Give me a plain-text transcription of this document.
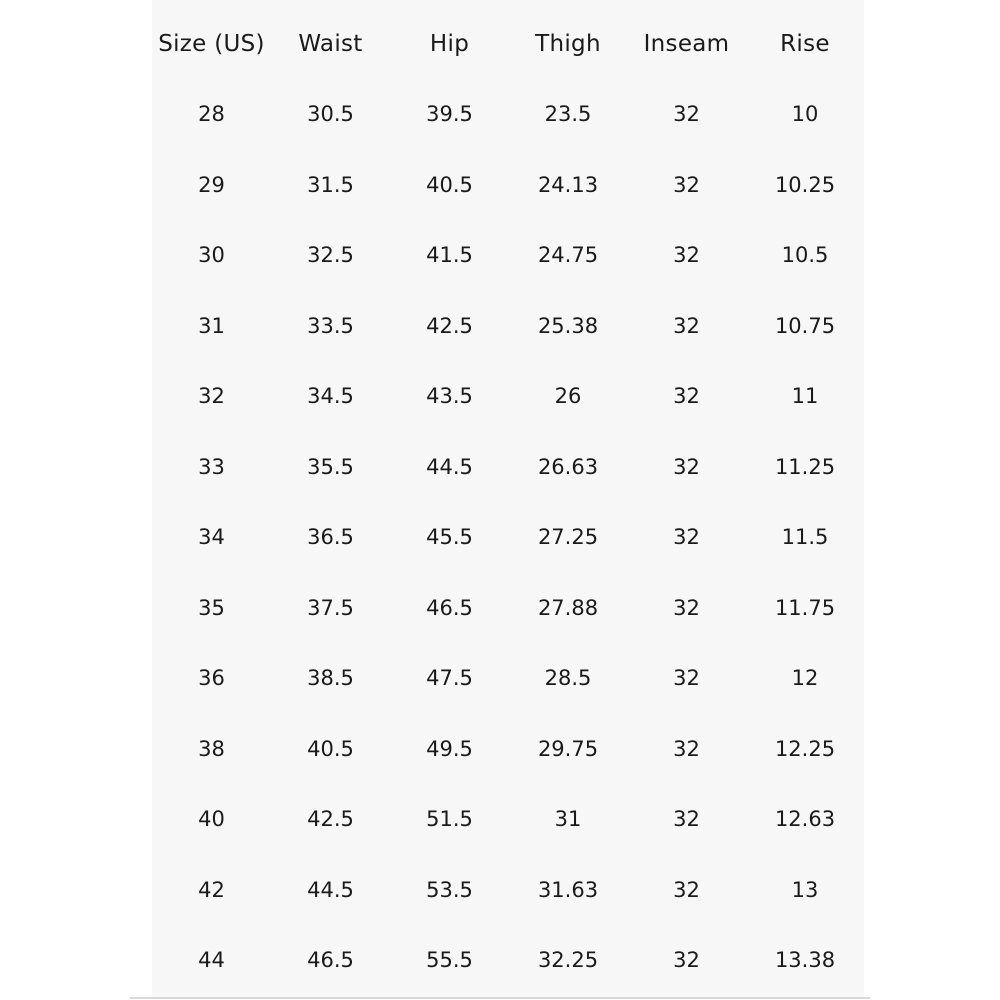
Size (US)	Waist	Hip	Thigh	Inseam	Rise
28	30.5	39.5	23.5	32	10
29	31.5	40.5	24.13	32	10.25
30	32.5	41.5	24.75	32	10.5
31	33.5	42.5	25.38	32	10.75
32	34.5	43.5	26	32	11
33	35.5	44.5	26.63	32	11.25
34	36.5	45.5	27.25	32	11.5
35	37.5	46.5	27.88	32	11.75
36	38.5	47.5	28.5	32	12
38	40.5	49.5	29.75	32	12.25
40	42.5	51.5	31	32	12.63
42	44.5	53.5	31.63	32	13
44	46.5	55.5	32.25	32	13.38
